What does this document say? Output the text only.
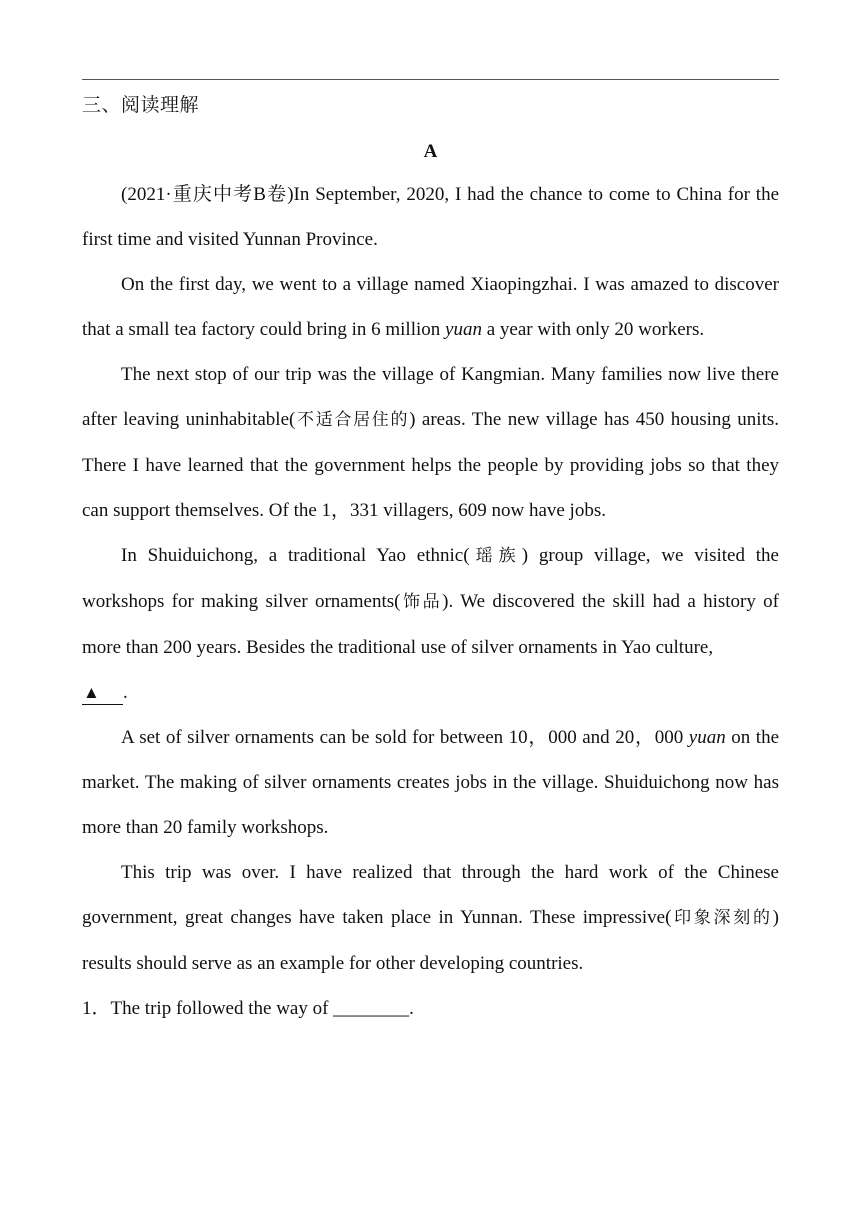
三、阅读理解
A

(2021·重庆中考B卷)In September, 2020, I had the chance to come to China for the first time and visited Yunnan Province.

On the first day, we went to a village named Xiaopingzhai. I was amazed to discover that a small tea factory could bring in 6 million yuan a year with only 20 workers.

The next stop of our trip was the village of Kangmian. Many families now live there after leaving uninhabitable(不适合居住的) areas. The new village has 450 housing units. There I have learned that the government helps the people by providing jobs so that they can support themselves. Of the 1，331 villagers, 609 now have jobs.

In Shuiduichong, a traditional Yao ethnic(瑶族) group village, we visited the workshops for making silver ornaments(饰品). We discovered the skill had a history of more than 200 years. Besides the traditional use of silver ornaments in Yao culture,

▲ .

A set of silver ornaments can be sold for between 10，000 and 20，000 yuan on the market. The making of silver ornaments creates jobs in the village. Shuiduichong now has more than 20 family workshops.

This trip was over. I have realized that through the hard work of the Chinese government, great changes have taken place in Yunnan. These impressive(印象深刻的) results should serve as an example for other developing countries.

1．The trip followed the way of ________.
